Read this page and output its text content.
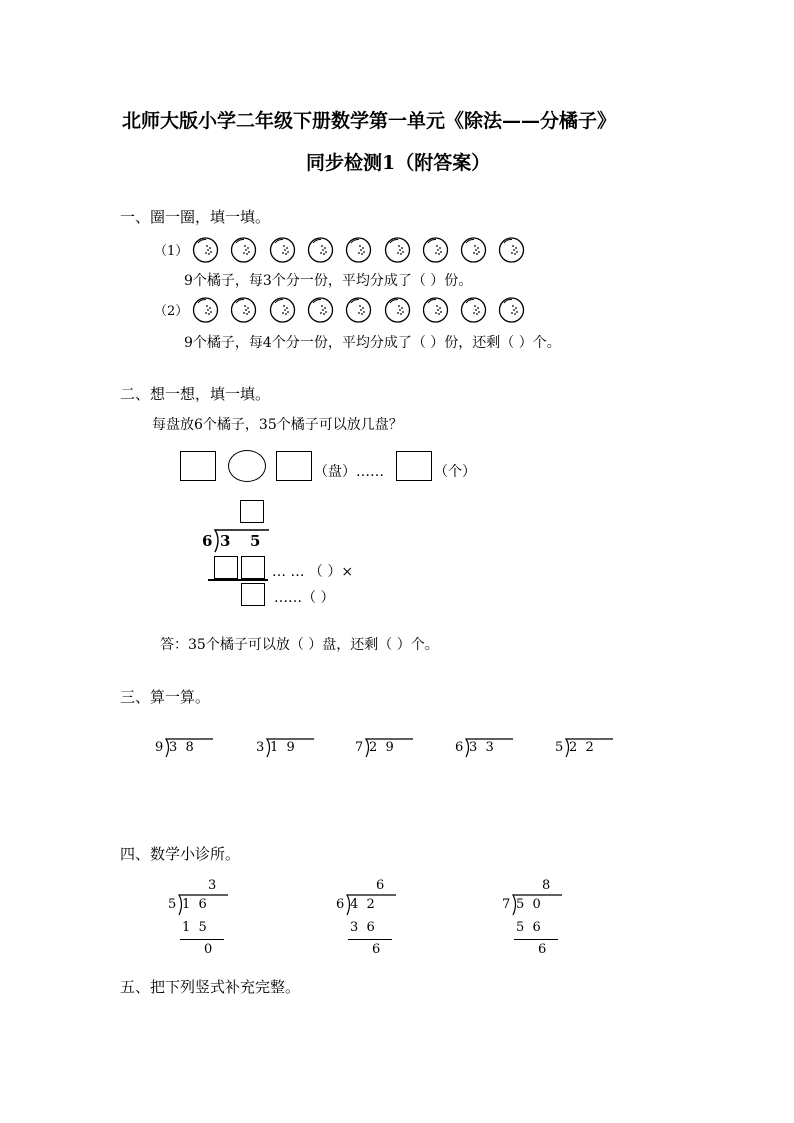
北师大版小学二年级下册数学第一单元《除法——分橘子》
同步检测1（附答案）
一、圈一圈，填一填。
（1）
9个橘子，每3个分一份，平均分成了（ ）份。
（2）
9个橘子，每4个分一份，平均分成了（ ）份，还剩（ ）个。
二、想一想，填一填。
每盘放6个橘子，35个橘子可以放几盘？
（盘）……	（个）
6 3 5
… … （ ）×
……（ ）
答：35个橘子可以放（ ）盘，还剩（ ）个。
三、算一算。
9 3  8	3 1  9	7 2  9	6 3  3	5 2  2
四、数学小诊所。
3
5 1  6
1  5
0
6
6 4  2
3  6
6
8
7 5  0
5  6
6
五、把下列竖式补充完整。
